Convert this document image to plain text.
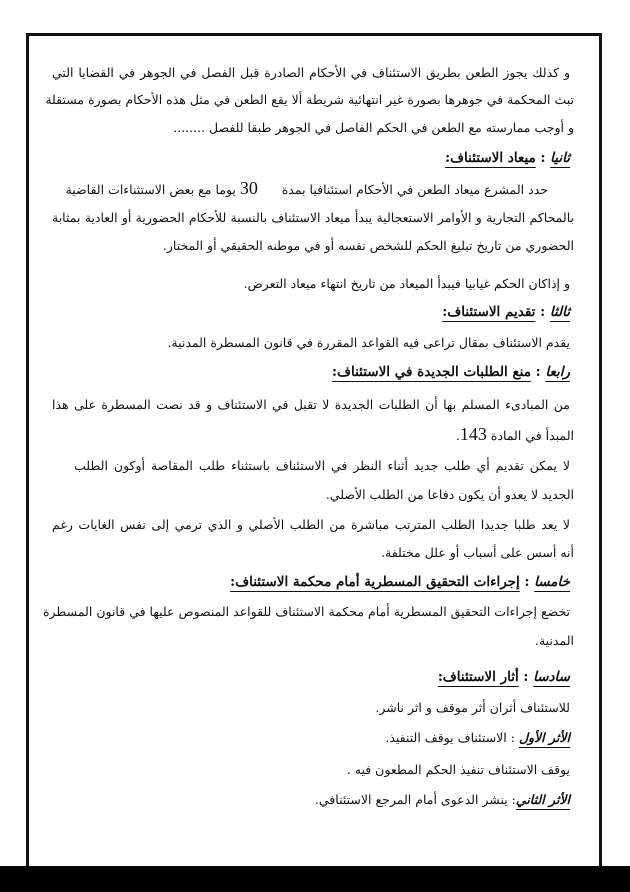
و كذلك يجوز الطعن بطريق الاستئناف في الأحكام الصادرة قبل الفصل في الجوهر في القضايا التي
تبث المحكمة في جوهرها بصورة غير انتهائية شريطة ألا يقع الطعن في مثل هذه الأحكام بصورة مستقلة
و أوجب ممارسته مع الطعن في الحكم الفاصل في الجوهر طبقا للفصل ........
ثانيا : ميعاد الاستئناف:
حدد المشرع ميعاد الطعن في الأحكام استئنافيا بمدة      30 يوما مع بعض الاستثناءات القاضية
بالمحاكم التجارية و الأوامر الاستعجالية يبدأ ميعاد الاستئناف بالنسبة للأحكام الحضورية أو العادية بمثابة
الحضوري من تاريخ تبليغ الحكم للشخص نفسه أو في موطنه الحقيقي أو المختار.
و إذاكان الحكم غيابيا فيبدأ الميعاد من تاريخ انتهاء ميعاد التعرض.
ثالثا : تقديم الاستئناف:
يقدم الاستئناف بمقال تراعى فيه القواعد المقررة في قانون المسطرة المدنية.
رابعا : منع الطلبات الجديدة في الاستئناف:
من المبادىء المسلم بها أن الطلبات الجديدة لا تقبل في الاستئناف و قد نصت المسطرة على هذا
المبدأ في المادة 143.
لا يمكن تقديم أي طلب جديد أثناء النظر في الاستئناف باستثناء طلب المقاصة أوكون الطلب
الجديد لا يعدو أن يكون دفاعا من الطلب الأصلي.
لا يعد طلبا جديدا الطلب المترتب مباشرة من الطلب الأصلي و الذي ترمي إلى نفس الغايات رغم
أنه أسس على أسباب أو علل مختلفة.
خامسا : إجراءات التحقيق المسطرية أمام محكمة الاستئناف:
تخضع إجراءات التحقيق المسطرية أمام محكمة الاستئناف للقواعد المنصوص عليها في قانون المسطرة
المدنية.
سادسا : أثار الاستئناف:
للاستئناف أثران أثر موقف و اثر ناشر.
الأثر الأول : الاستئناف يوقف التنفيذ.
يوقف الاستئناف تنفيذ الحكم المطعون فيه .
الأثر الثاني: ينشر الدعوى أمام المرجع الاستئنافي.
